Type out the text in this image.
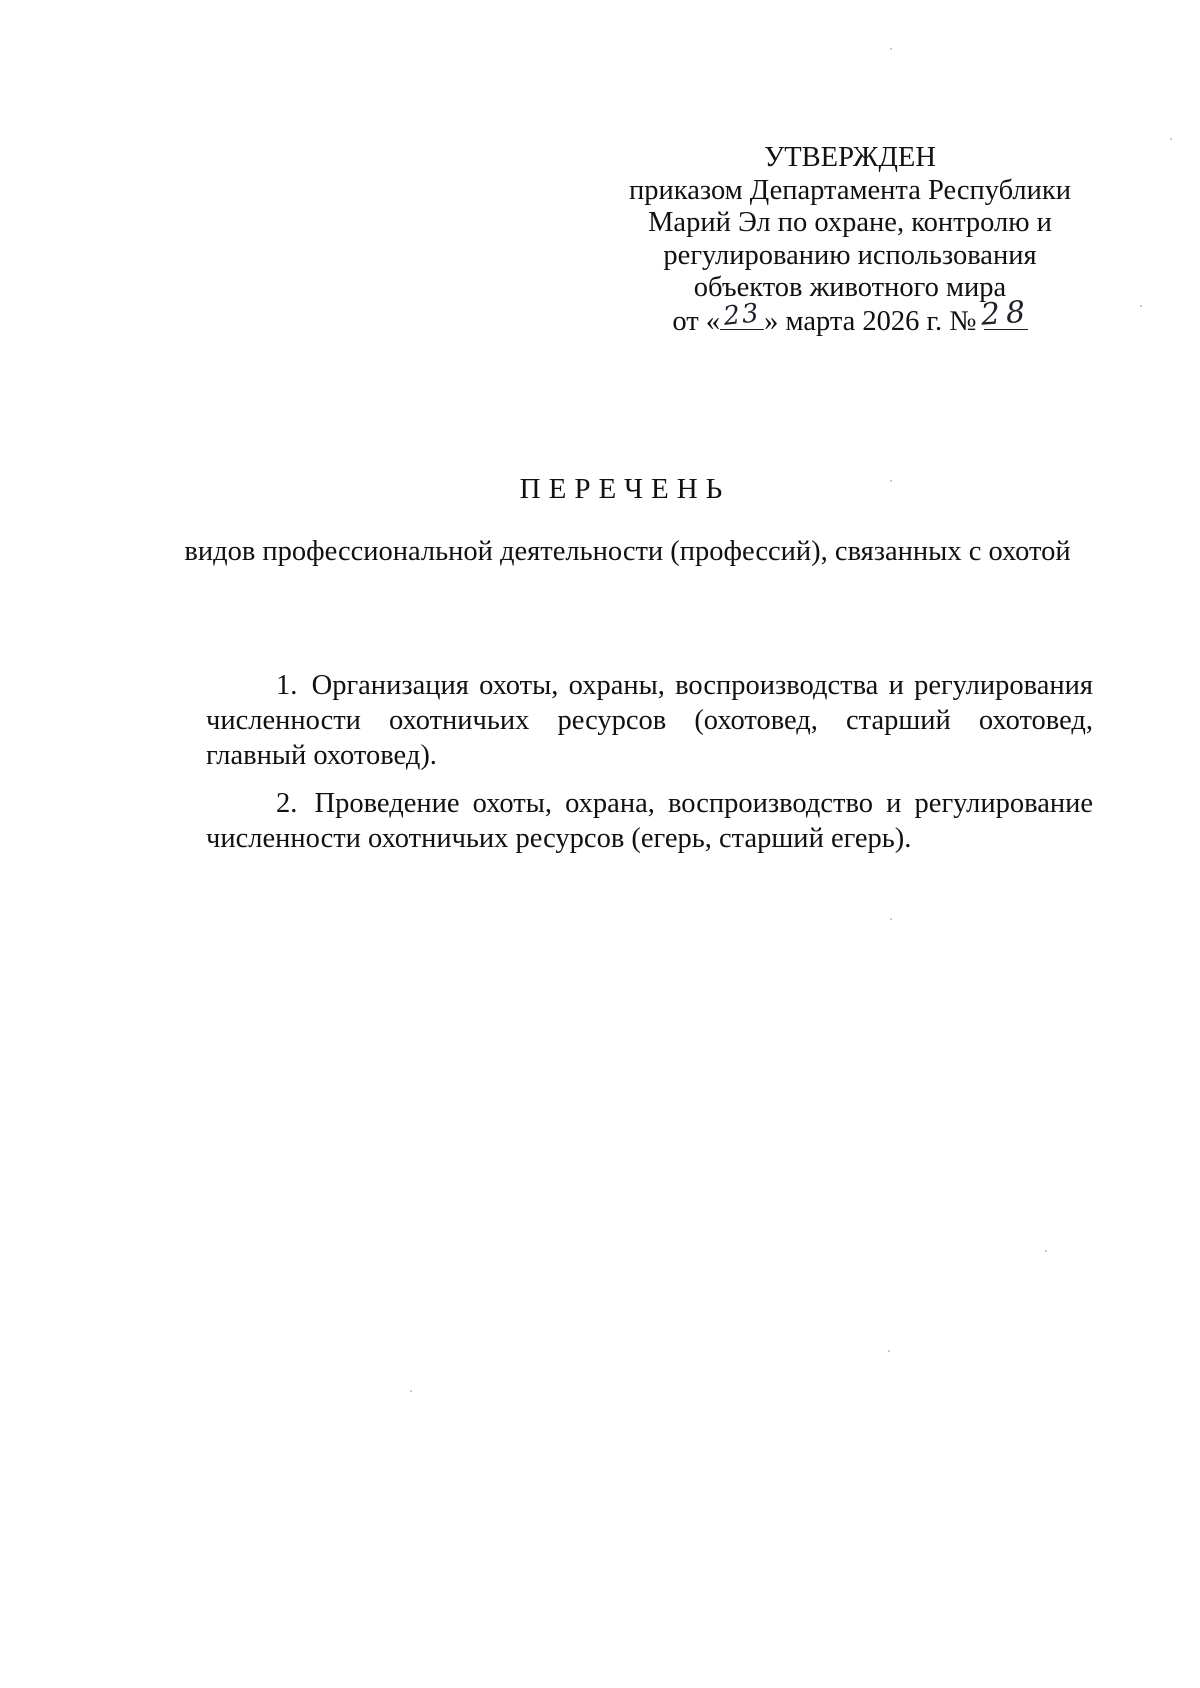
УТВЕРЖДЕН
приказом Департамента Республики
Марий Эл по охране, контролю и
регулированию использования
объектов животного мира
от « 23 » марта 2026 г. № 28
ПЕРЕЧЕНЬ
видов профессиональной деятельности (профессий), связанных с охотой

1. Организация охоты, охраны, воспроизводства и регулирования численности охотничьих ресурсов (охотовед, старший охотовед, главный охотовед).

2. Проведение охоты, охрана, воспроизводство и регулирование численности охотничьих ресурсов (егерь, старший егерь).
